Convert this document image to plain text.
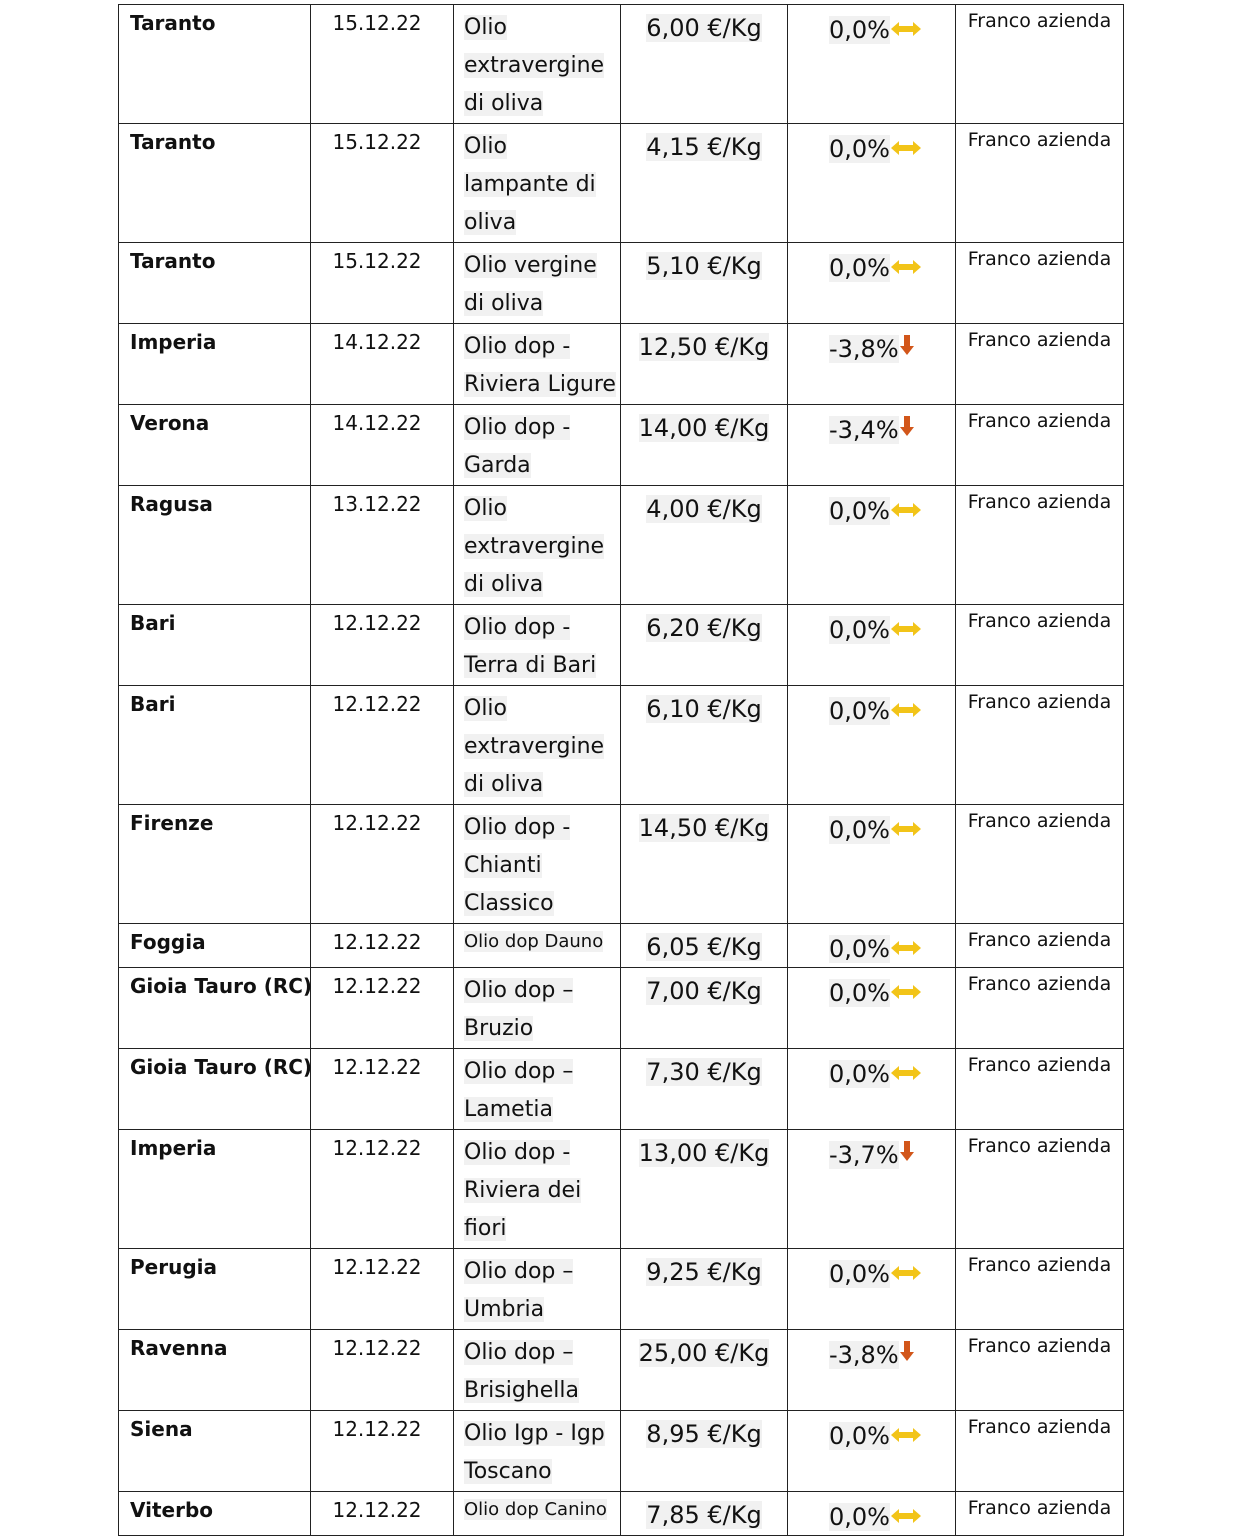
Taranto	15.12.22	Olio extravergine di oliva	6,00 €/Kg	0,0%	Franco azienda
Taranto	15.12.22	Olio lampante di oliva	4,15 €/Kg	0,0%	Franco azienda
Taranto	15.12.22	Olio vergine di oliva	5,10 €/Kg	0,0%	Franco azienda
Imperia	14.12.22	Olio dop - Riviera Ligure	12,50 €/Kg	-3,8%	Franco azienda
Verona	14.12.22	Olio dop - Garda	14,00 €/Kg	-3,4%	Franco azienda
Ragusa	13.12.22	Olio extravergine di oliva	4,00 €/Kg	0,0%	Franco azienda
Bari	12.12.22	Olio dop - Terra di Bari	6,20 €/Kg	0,0%	Franco azienda
Bari	12.12.22	Olio extravergine di oliva	6,10 €/Kg	0,0%	Franco azienda
Firenze	12.12.22	Olio dop - Chianti Classico	14,50 €/Kg	0,0%	Franco azienda
Foggia	12.12.22	Olio dop Dauno	6,05 €/Kg	0,0%	Franco azienda
Gioia Tauro (RC)	12.12.22	Olio dop – Bruzio	7,00 €/Kg	0,0%	Franco azienda
Gioia Tauro (RC)	12.12.22	Olio dop – Lametia	7,30 €/Kg	0,0%	Franco azienda
Imperia	12.12.22	Olio dop - Riviera dei fiori	13,00 €/Kg	-3,7%	Franco azienda
Perugia	12.12.22	Olio dop – Umbria	9,25 €/Kg	0,0%	Franco azienda
Ravenna	12.12.22	Olio dop – Brisighella	25,00 €/Kg	-3,8%	Franco azienda
Siena	12.12.22	Olio Igp - Igp Toscano	8,95 €/Kg	0,0%	Franco azienda
Viterbo	12.12.22	Olio dop Canino	7,85 €/Kg	0,0%	Franco azienda
